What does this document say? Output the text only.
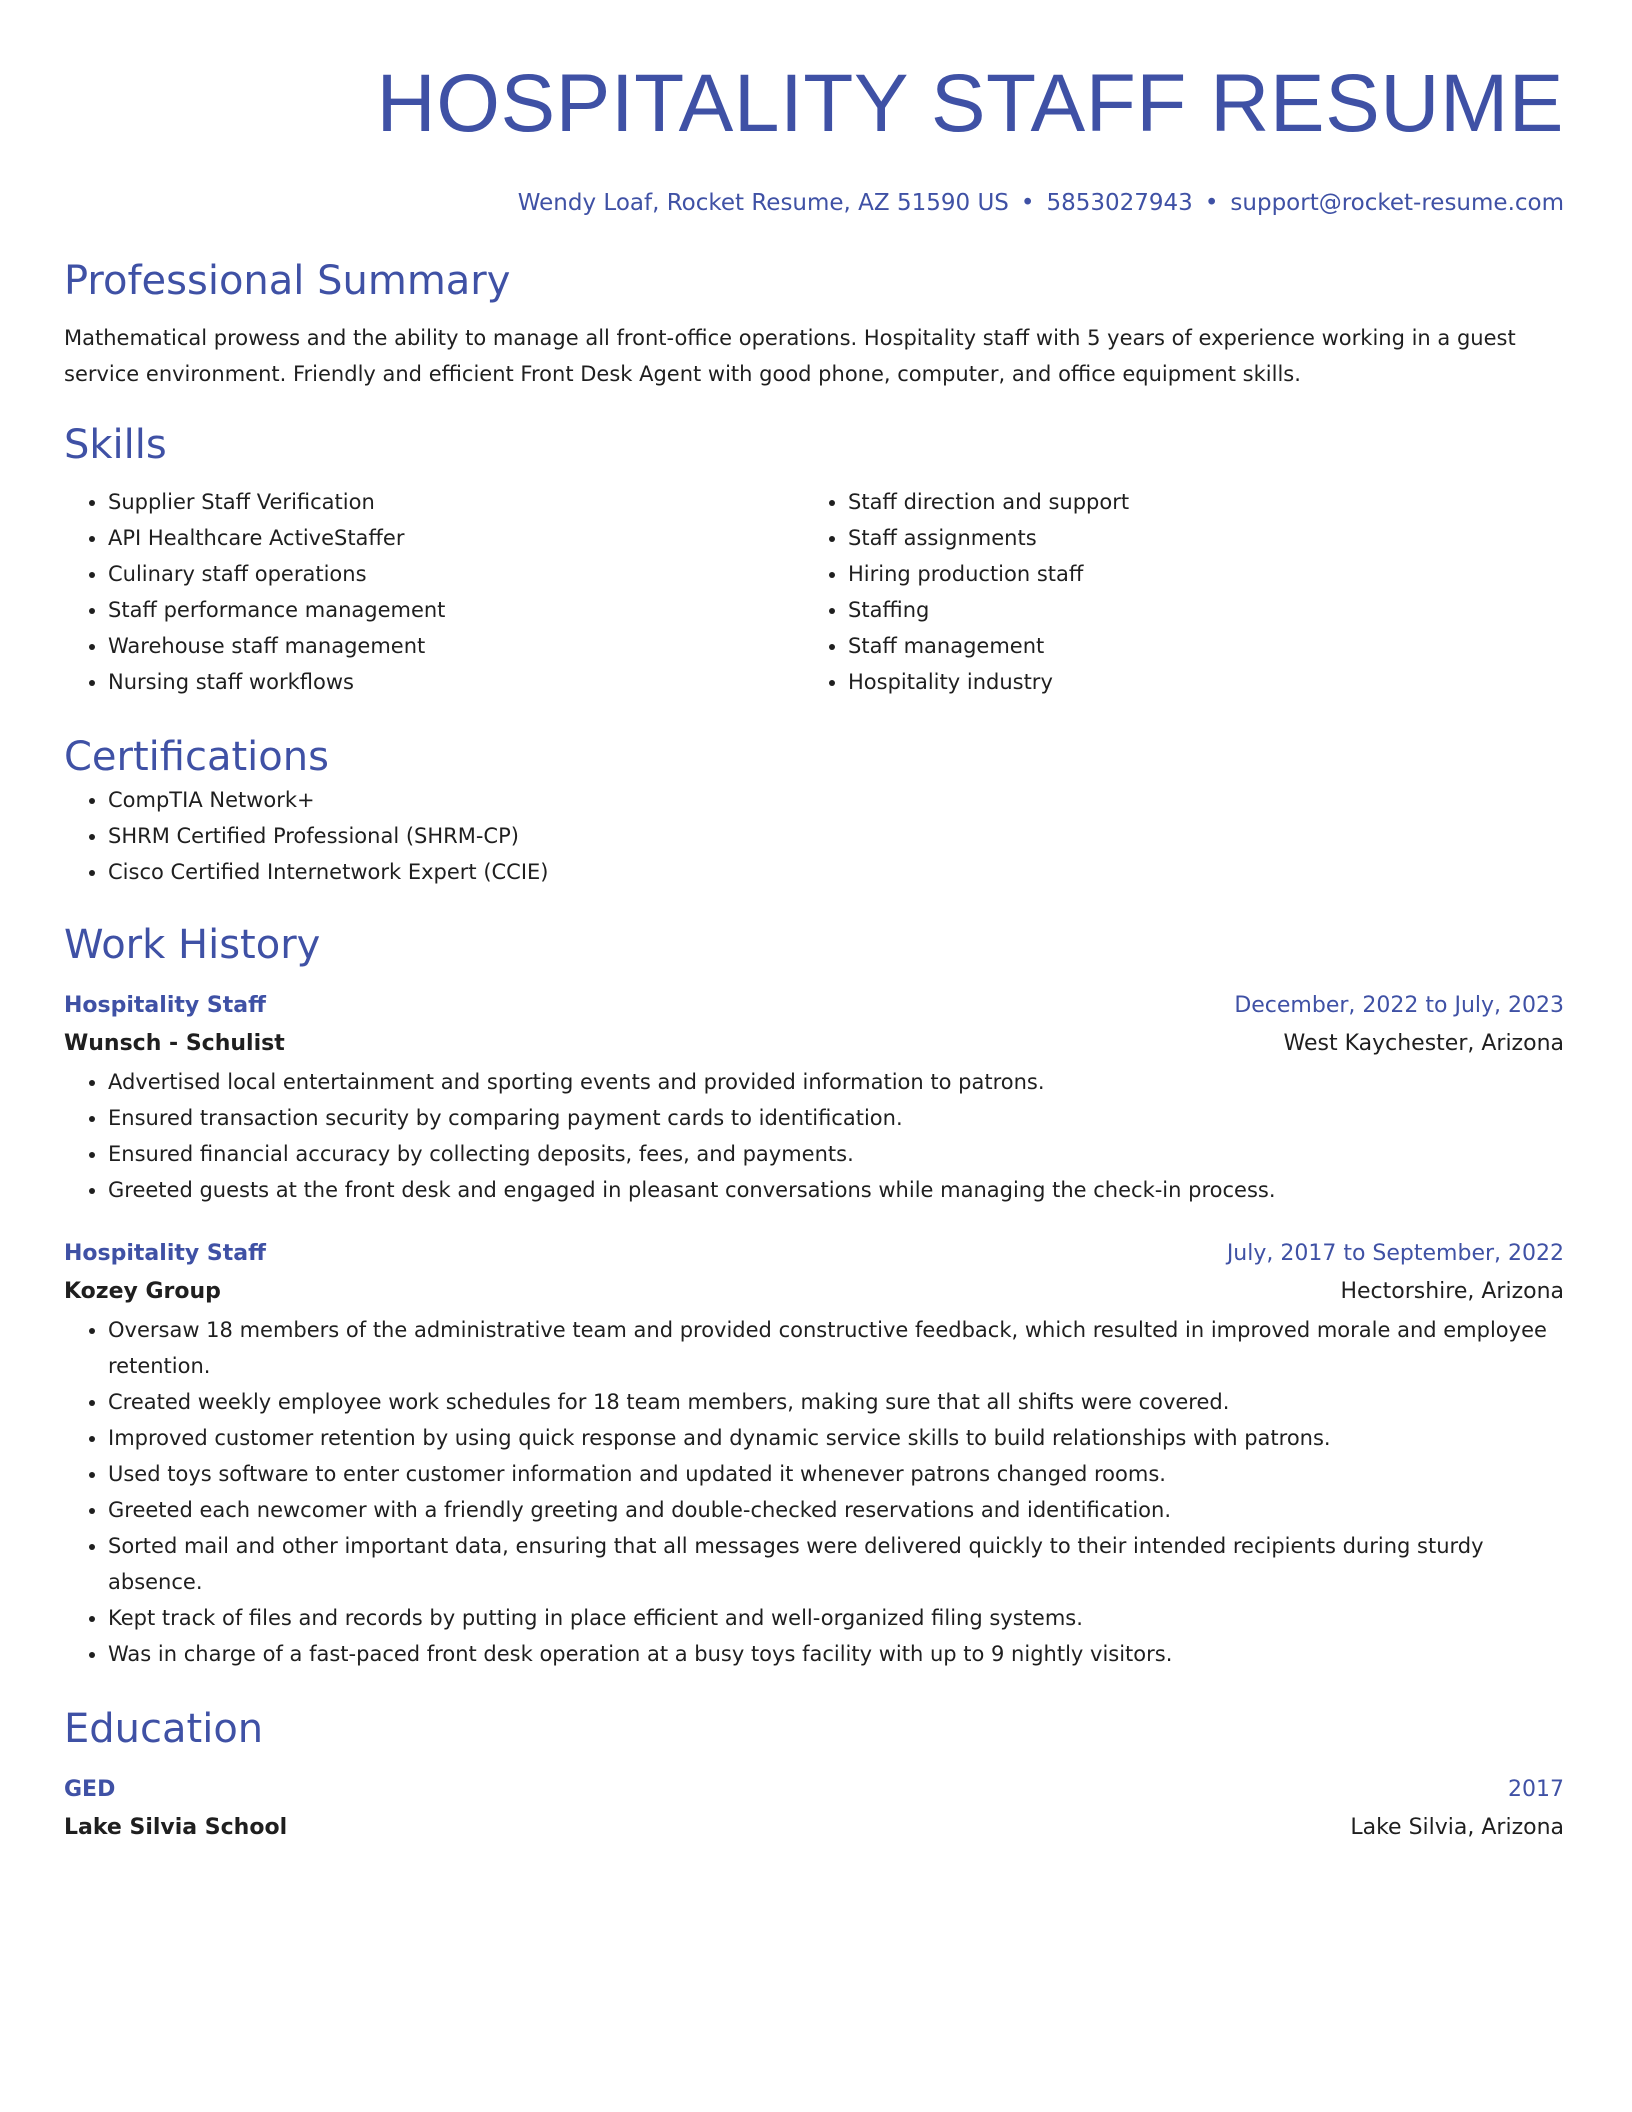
HOSPITALITY STAFF RESUME
Wendy Loaf, Rocket Resume, AZ 51590 US • 5853027943 • support@rocket-resume.com
Professional Summary

Mathematical prowess and the ability to manage all front-office operations. Hospitality staff with 5 years of experience working in a guest service environment. Friendly and efficient Front Desk Agent with good phone, computer, and office equipment skills.

Skills
• Supplier Staff Verification
• API Healthcare ActiveStaffer
• Culinary staff operations
• Staff performance management
• Warehouse staff management
• Nursing staff workflows
• Staff direction and support
• Staff assignments
• Hiring production staff
• Staffing
• Staff management
• Hospitality industry
Certifications
• CompTIA Network+
• SHRM Certified Professional (SHRM-CP)
• Cisco Certified Internetwork Expert (CCIE)
Work History
Hospitality Staff	December, 2022 to July, 2023
Wunsch - Schulist	West Kaychester, Arizona
• Advertised local entertainment and sporting events and provided information to patrons.
• Ensured transaction security by comparing payment cards to identification.
• Ensured financial accuracy by collecting deposits, fees, and payments.
• Greeted guests at the front desk and engaged in pleasant conversations while managing the check-in process.
Hospitality Staff	July, 2017 to September, 2022
Kozey Group	Hectorshire, Arizona
• Oversaw 18 members of the administrative team and provided constructive feedback, which resulted in improved morale and employee retention.
• Created weekly employee work schedules for 18 team members, making sure that all shifts were covered.
• Improved customer retention by using quick response and dynamic service skills to build relationships with patrons.
• Used toys software to enter customer information and updated it whenever patrons changed rooms.
• Greeted each newcomer with a friendly greeting and double-checked reservations and identification.
• Sorted mail and other important data, ensuring that all messages were delivered quickly to their intended recipients during sturdy absence.
• Kept track of files and records by putting in place efficient and well-organized filing systems.
• Was in charge of a fast-paced front desk operation at a busy toys facility with up to 9 nightly visitors.
Education
GED	2017
Lake Silvia School	Lake Silvia, Arizona
